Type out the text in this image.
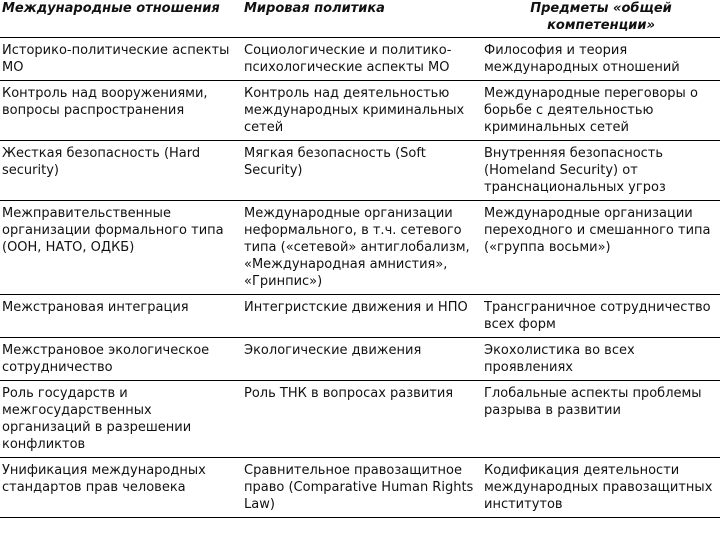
Международные отношения	Мировая политика	Предметы «общей компетенции»
Историко-политические аспекты МО	Социологические и политико-психологические аспекты МО	Философия и теория международных отношений
Контроль над вооружениями, вопросы распространения	Контроль над деятельностью международных криминальных сетей	Международные переговоры о борьбе с деятельностью криминальных сетей
Жесткая безопасность (Hard security)	Мягкая безопасность (Soft Security)	Внутренняя безопасность (Homeland Security) от транснациональных угроз
Межправительственные организации формального типа (ООН, НАТО, ОДКБ)	Международные организации неформального, в т.ч. сетевого типа («сетевой» антиглобализм, «Международная амнистия», «Гринпис»)	Международные организации переходного и смешанного типа («группа восьми»)
Межстрановая интеграция	Интегристские движения и НПО	Трансграничное сотрудничество всех форм
Межстрановое экологическое сотрудничество	Экологические движения	Экохолистика во всех проявлениях
Роль государств и межгосударственных организаций в разрешении конфликтов	Роль ТНК в вопросах развития	Глобальные аспекты проблемы разрыва в развитии
Унификация международных стандартов прав человека	Сравнительное правозащитное право (Comparative Human Rights Law)	Кодификация деятельности международных правозащитных институтов
